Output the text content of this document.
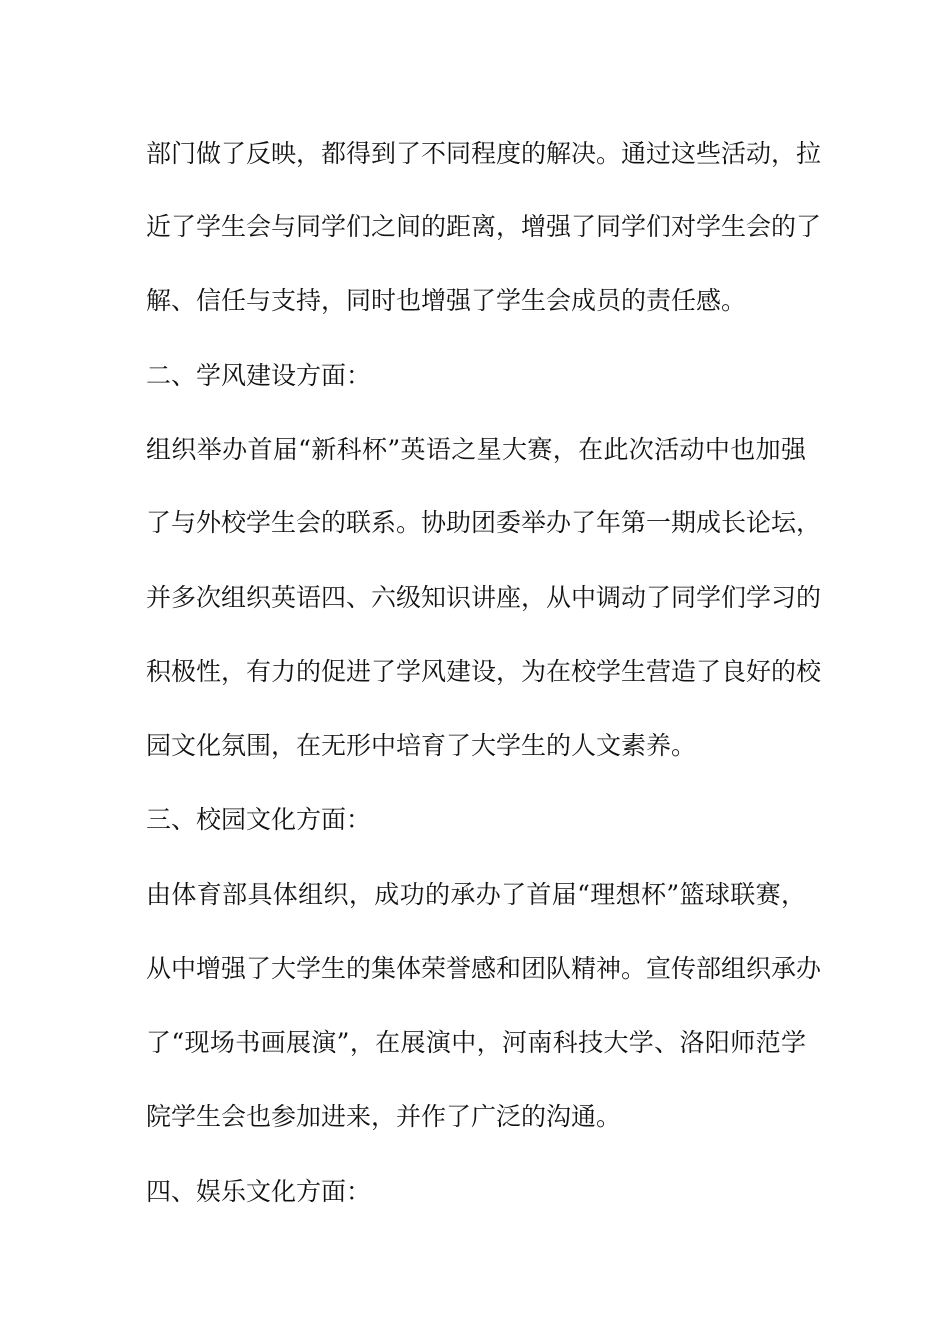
部门做了反映，都得到了不同程度的解决。通过这些活动，拉
近了学生会与同学们之间的距离，增强了同学们对学生会的了
解、信任与支持，同时也增强了学生会成员的责任感。
二、学风建设方面：
组织举办首届“新科杯”英语之星大赛，在此次活动中也加强
了与外校学生会的联系。协助团委举办了年第一期成长论坛，
并多次组织英语四、六级知识讲座，从中调动了同学们学习的
积极性，有力的促进了学风建设，为在校学生营造了良好的校
园文化氛围，在无形中培育了大学生的人文素养。
三、校园文化方面：
由体育部具体组织，成功的承办了首届“理想杯”篮球联赛，
从中增强了大学生的集体荣誉感和团队精神。宣传部组织承办
了“现场书画展演”，在展演中，河南科技大学、洛阳师范学
院学生会也参加进来，并作了广泛的沟通。
四、娱乐文化方面：
